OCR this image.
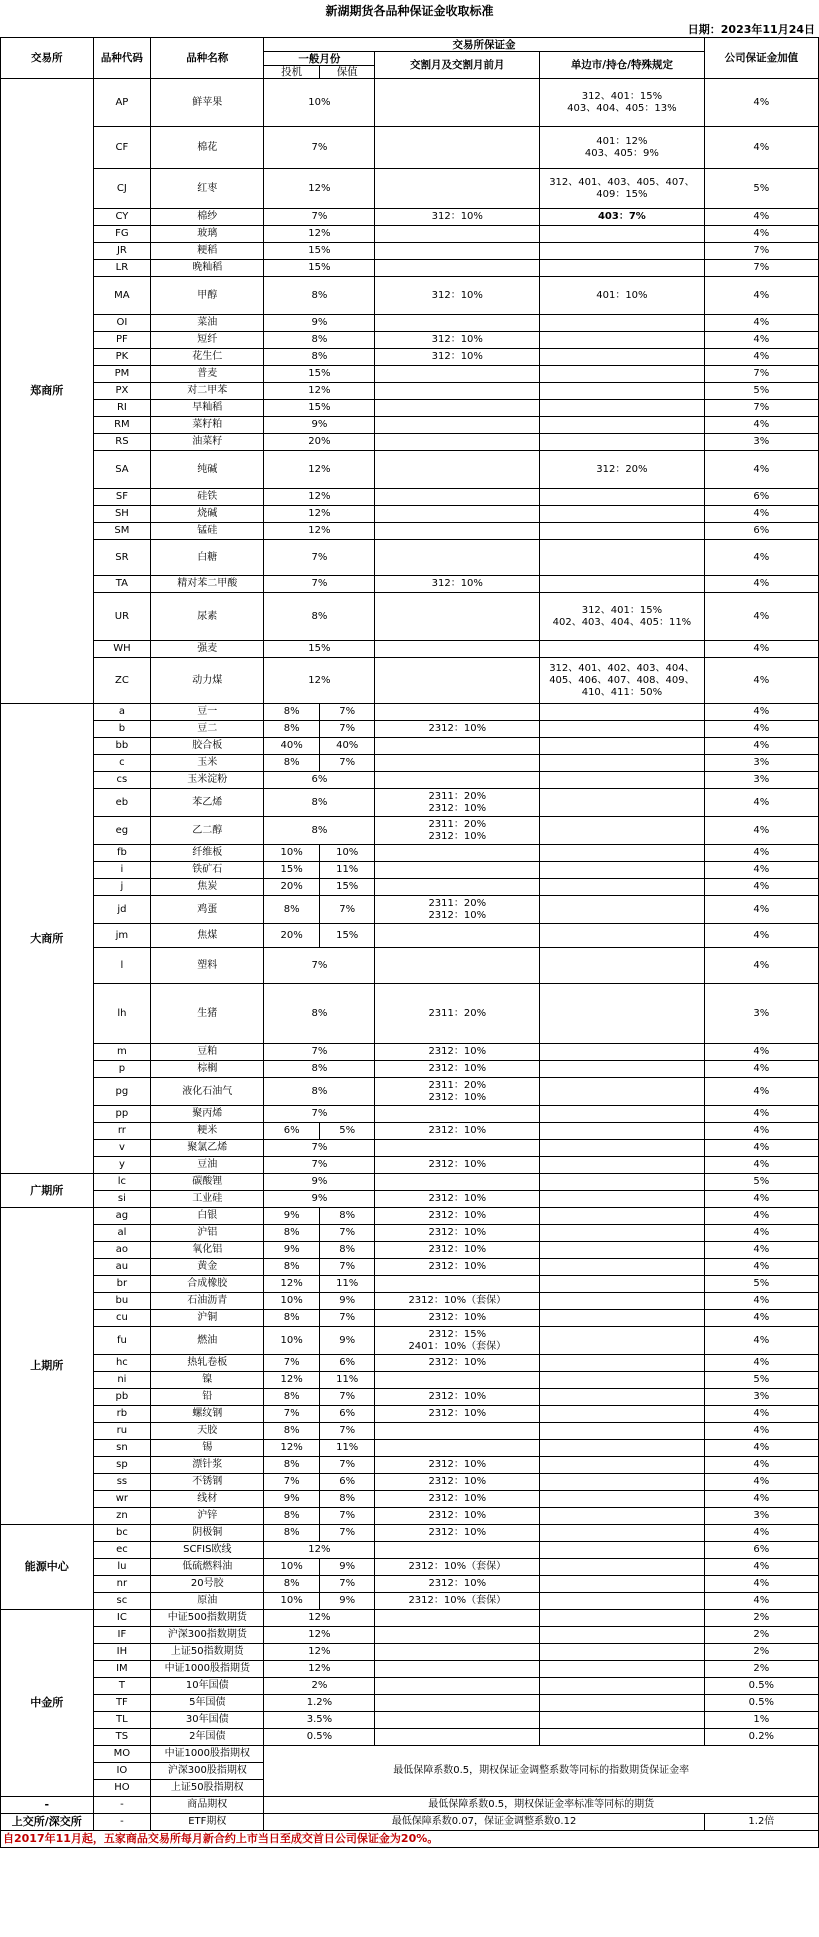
新湖期货各品种保证金收取标准
日期：2023年11月24日
交易所	品种代码	品种名称	交易所保证金				公司保证金加值
			一般月份		交割月及交割月前月	单边市/持仓/特殊规定	
			投机	保值			
郑商所	AP	鲜苹果	10%			312、401：15%
403、404、405：13%	4%
	CF	棉花	7%			401：12%
403、405：9%	4%
	CJ	红枣	12%			312、401、403、405、407、
409：15%	5%
	CY	棉纱	7%		312：10%	403：7%	4%
	FG	玻璃	12%				4%
	JR	粳稻	15%				7%
	LR	晚籼稻	15%				7%
	MA	甲醇	8%		312：10%	401：10%	4%
	OI	菜油	9%				4%
	PF	短纤	8%		312：10%		4%
	PK	花生仁	8%		312：10%		4%
	PM	普麦	15%				7%
	PX	对二甲苯	12%				5%
	RI	早籼稻	15%				7%
	RM	菜籽粕	9%				4%
	RS	油菜籽	20%				3%
	SA	纯碱	12%			312：20%	4%
	SF	硅铁	12%				6%
	SH	烧碱	12%				4%
	SM	锰硅	12%				6%
	SR	白糖	7%				4%
	TA	精对苯二甲酸	7%		312：10%		4%
	UR	尿素	8%			312、401：15%
402、403、404、405：11%	4%
	WH	强麦	15%				4%
	ZC	动力煤	12%			312、401、402、403、404、
405、406、407、408、409、
410、411：50%	4%
大商所	a	豆一	8%	7%			4%
	b	豆二	8%	7%	2312：10%		4%
	bb	胶合板	40%	40%			4%
	c	玉米	8%	7%			3%
	cs	玉米淀粉	6%				3%
	eb	苯乙烯	8%		2311：20%
2312：10%		4%
	eg	乙二醇	8%		2311：20%
2312：10%		4%
	fb	纤维板	10%	10%			4%
	i	铁矿石	15%	11%			4%
	j	焦炭	20%	15%			4%
	jd	鸡蛋	8%	7%	2311：20%
2312：10%		4%
	jm	焦煤	20%	15%			4%
	l	塑料	7%				4%
	lh	生猪	8%		2311：20%		3%
	m	豆粕	7%		2312：10%		4%
	p	棕榈	8%		2312：10%		4%
	pg	液化石油气	8%		2311：20%
2312：10%		4%
	pp	聚丙烯	7%				4%
	rr	粳米	6%	5%	2312：10%		4%
	v	聚氯乙烯	7%				4%
	y	豆油	7%		2312：10%		4%
广期所	lc	碳酸锂	9%				5%
	si	工业硅	9%		2312：10%		4%
上期所	ag	白银	9%	8%	2312：10%		4%
	al	沪铝	8%	7%	2312：10%		4%
	ao	氧化铝	9%	8%	2312：10%		4%
	au	黄金	8%	7%	2312：10%		4%
	br	合成橡胶	12%	11%			5%
	bu	石油沥青	10%	9%	2312：10%（套保）		4%
	cu	沪铜	8%	7%	2312：10%		4%
	fu	燃油	10%	9%	2312：15%
2401：10%（套保）		4%
	hc	热轧卷板	7%	6%	2312：10%		4%
	ni	镍	12%	11%			5%
	pb	铅	8%	7%	2312：10%		3%
	rb	螺纹钢	7%	6%	2312：10%		4%
	ru	天胶	8%	7%			4%
	sn	锡	12%	11%			4%
	sp	漂针浆	8%	7%	2312：10%		4%
	ss	不锈钢	7%	6%	2312：10%		4%
	wr	线材	9%	8%	2312：10%		4%
	zn	沪锌	8%	7%	2312：10%		3%
能源中心	bc	阴极铜	8%	7%	2312：10%		4%
	ec	SCFIS欧线	12%				6%
	lu	低硫燃料油	10%	9%	2312：10%（套保）		4%
	nr	20号胶	8%	7%	2312：10%		4%
	sc	原油	10%	9%	2312：10%（套保）		4%
中金所	IC	中证500指数期货	12%				2%
	IF	沪深300指数期货	12%				2%
	IH	上证50指数期货	12%				2%
	IM	中证1000股指期货	12%				2%
	T	10年国债	2%				0.5%
	TF	5年国债	1.2%				0.5%
	TL	30年国债	3.5%				1%
	TS	2年国债	0.5%				0.2%
	MO	中证1000股指期权	最低保障系数0.5，期权保证金调整系数等同标的指数期货保证金率				
	IO	沪深300股指期权					
	HO	上证50股指期权					
-	-	商品期权	最低保障系数0.5，期权保证金率标准等同标的期货				
上交所/深交所	-	ETF期权	最低保障系数0.07，保证金调整系数0.12				1.2倍
自2017年11月起，五家商品交易所每月新合约上市当日至成交首日公司保证金为20%。
